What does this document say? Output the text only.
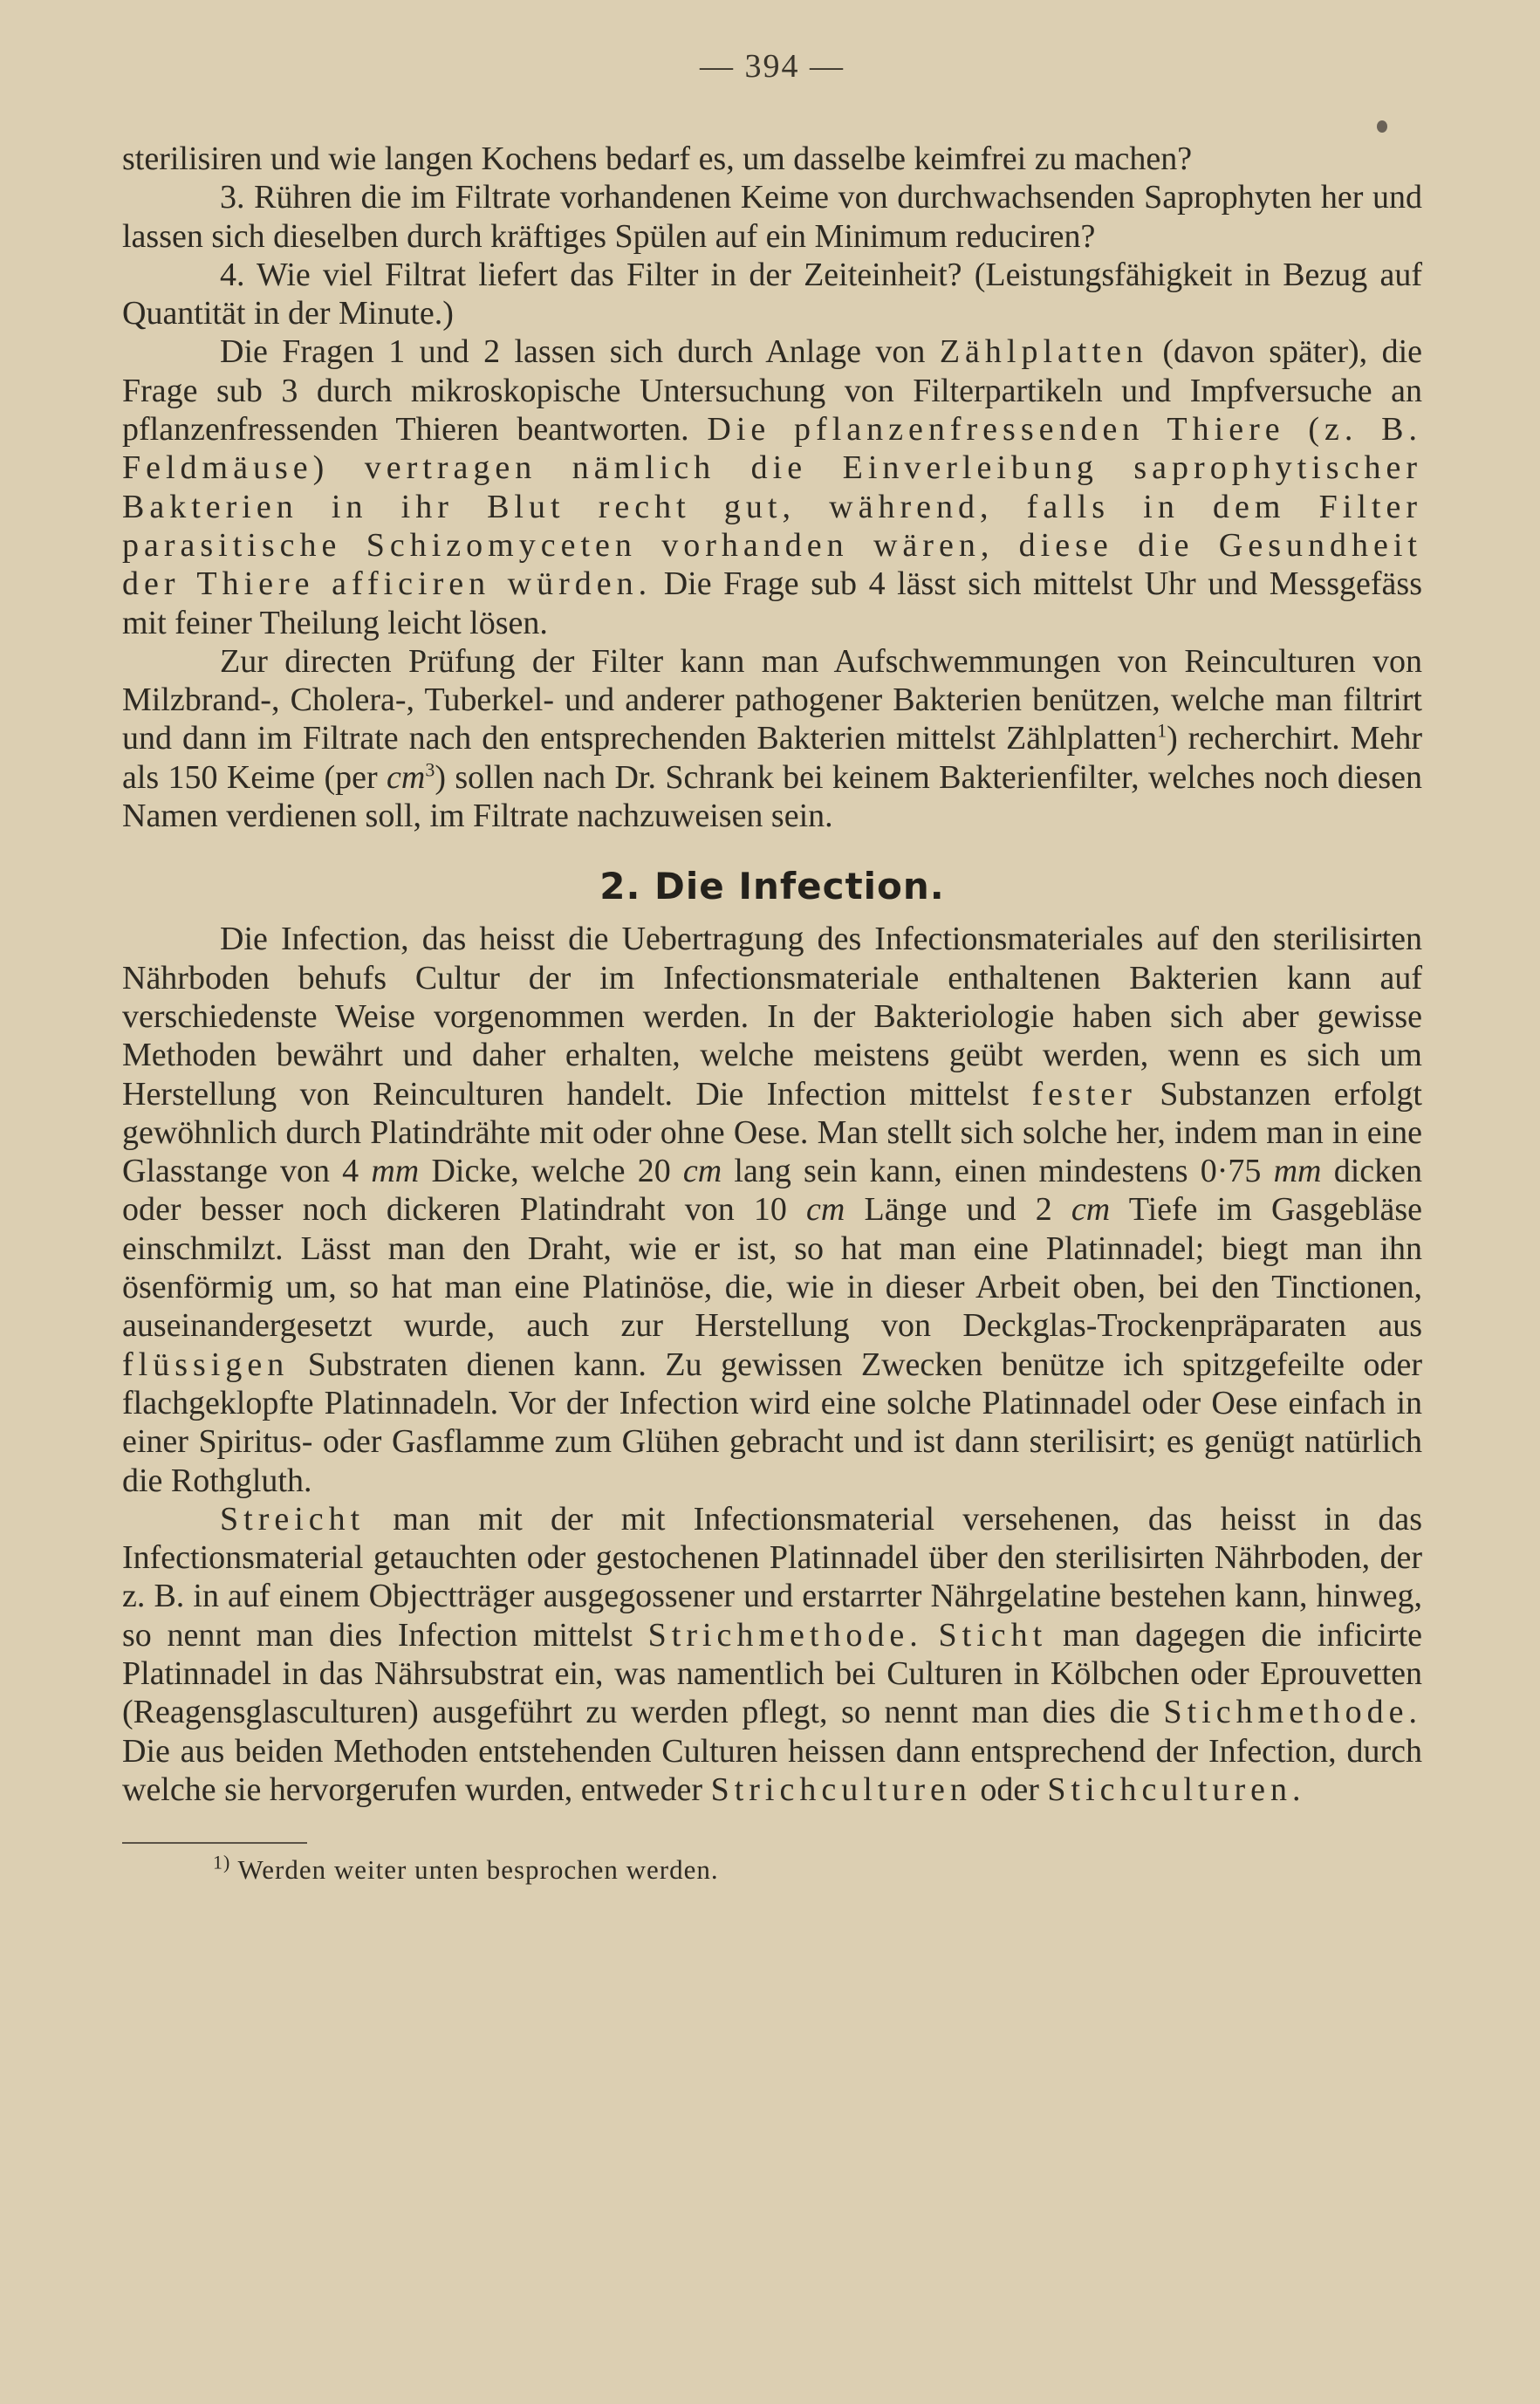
— 394 —

sterilisiren und wie langen Kochens bedarf es, um dasselbe keimfrei zu machen?

3. Rühren die im Filtrate vorhandenen Keime von durchwachsenden Saprophyten her und lassen sich dieselben durch kräftiges Spülen auf ein Minimum reduciren?

4. Wie viel Filtrat liefert das Filter in der Zeiteinheit? (Leistungsfähigkeit in Bezug auf Quantität in der Minute.)

Die Fragen 1 und 2 lassen sich durch Anlage von Zählplatten (davon später), die Frage sub 3 durch mikroskopische Untersuchung von Filterpartikeln und Impfversuche an pflanzenfressenden Thieren beantworten. Die pflanzenfressenden Thiere (z. B. Feldmäuse) vertragen nämlich die Einverleibung saprophytischer Bakterien in ihr Blut recht gut, während, falls in dem Filter parasitische Schizomyceten vorhanden wären, diese die Gesundheit der Thiere afficiren würden. Die Frage sub 4 lässt sich mittelst Uhr und Messgefäss mit feiner Theilung leicht lösen.

Zur directen Prüfung der Filter kann man Aufschwemmungen von Reinculturen von Milzbrand-, Cholera-, Tuberkel- und anderer pathogener Bakterien benützen, welche man filtrirt und dann im Filtrate nach den entsprechenden Bakterien mittelst Zählplatten$^1$) recherchirt. Mehr als 150 Keime (per $cm^3$) sollen nach Dr. Schrank bei keinem Bakterienfilter, welches noch diesen Namen verdienen soll, im Filtrate nachzuweisen sein.

2. Die Infection.

Die Infection, das heisst die Uebertragung des Infectionsmateriales auf den sterilisirten Nährboden behufs Cultur der im Infectionsmateriale enthaltenen Bakterien kann auf verschiedenste Weise vorgenommen werden. In der Bakteriologie haben sich aber gewisse Methoden bewährt und daher erhalten, welche meistens geübt werden, wenn es sich um Herstellung von Reinculturen handelt. Die Infection mittelst fester Substanzen erfolgt gewöhnlich durch Platindrähte mit oder ohne Oese. Man stellt sich solche her, indem man in eine Glasstange von 4 mm Dicke, welche 20 cm lang sein kann, einen mindestens 0·75 mm dicken oder besser noch dickeren Platindraht von 10 cm Länge und 2 cm Tiefe im Gasgebläse einschmilzt. Lässt man den Draht, wie er ist, so hat man eine Platinnadel; biegt man ihn ösenförmig um, so hat man eine Platinöse, die, wie in dieser Arbeit oben, bei den Tinctionen, auseinandergesetzt wurde, auch zur Herstellung von Deckglas-Trockenpräparaten aus flüssigen Substraten dienen kann. Zu gewissen Zwecken benütze ich spitzgefeilte oder flachgeklopfte Platinnadeln. Vor der Infection wird eine solche Platinnadel oder Oese einfach in einer Spiritus- oder Gasflamme zum Glühen gebracht und ist dann sterilisirt; es genügt natürlich die Rothgluth.

Streicht man mit der mit Infectionsmaterial versehenen, das heisst in das Infectionsmaterial getauchten oder gestochenen Platinnadel über den sterilisirten Nährboden, der z. B. in auf einem Objectträger ausgegossener und erstarrter Nährgelatine bestehen kann, hinweg, so nennt man dies Infection mittelst Strichmethode. Sticht man dagegen die inficirte Platinnadel in das Nährsubstrat ein, was namentlich bei Culturen in Kölbchen oder Eprouvetten (Reagensglasculturen) ausgeführt zu werden pflegt, so nennt man dies die Stichmethode. Die aus beiden Methoden entstehenden Culturen heissen dann entsprechend der Infection, durch welche sie hervorgerufen wurden, entweder Strichculturen oder Stichculturen.

$^{1)}$ Werden weiter unten besprochen werden.
